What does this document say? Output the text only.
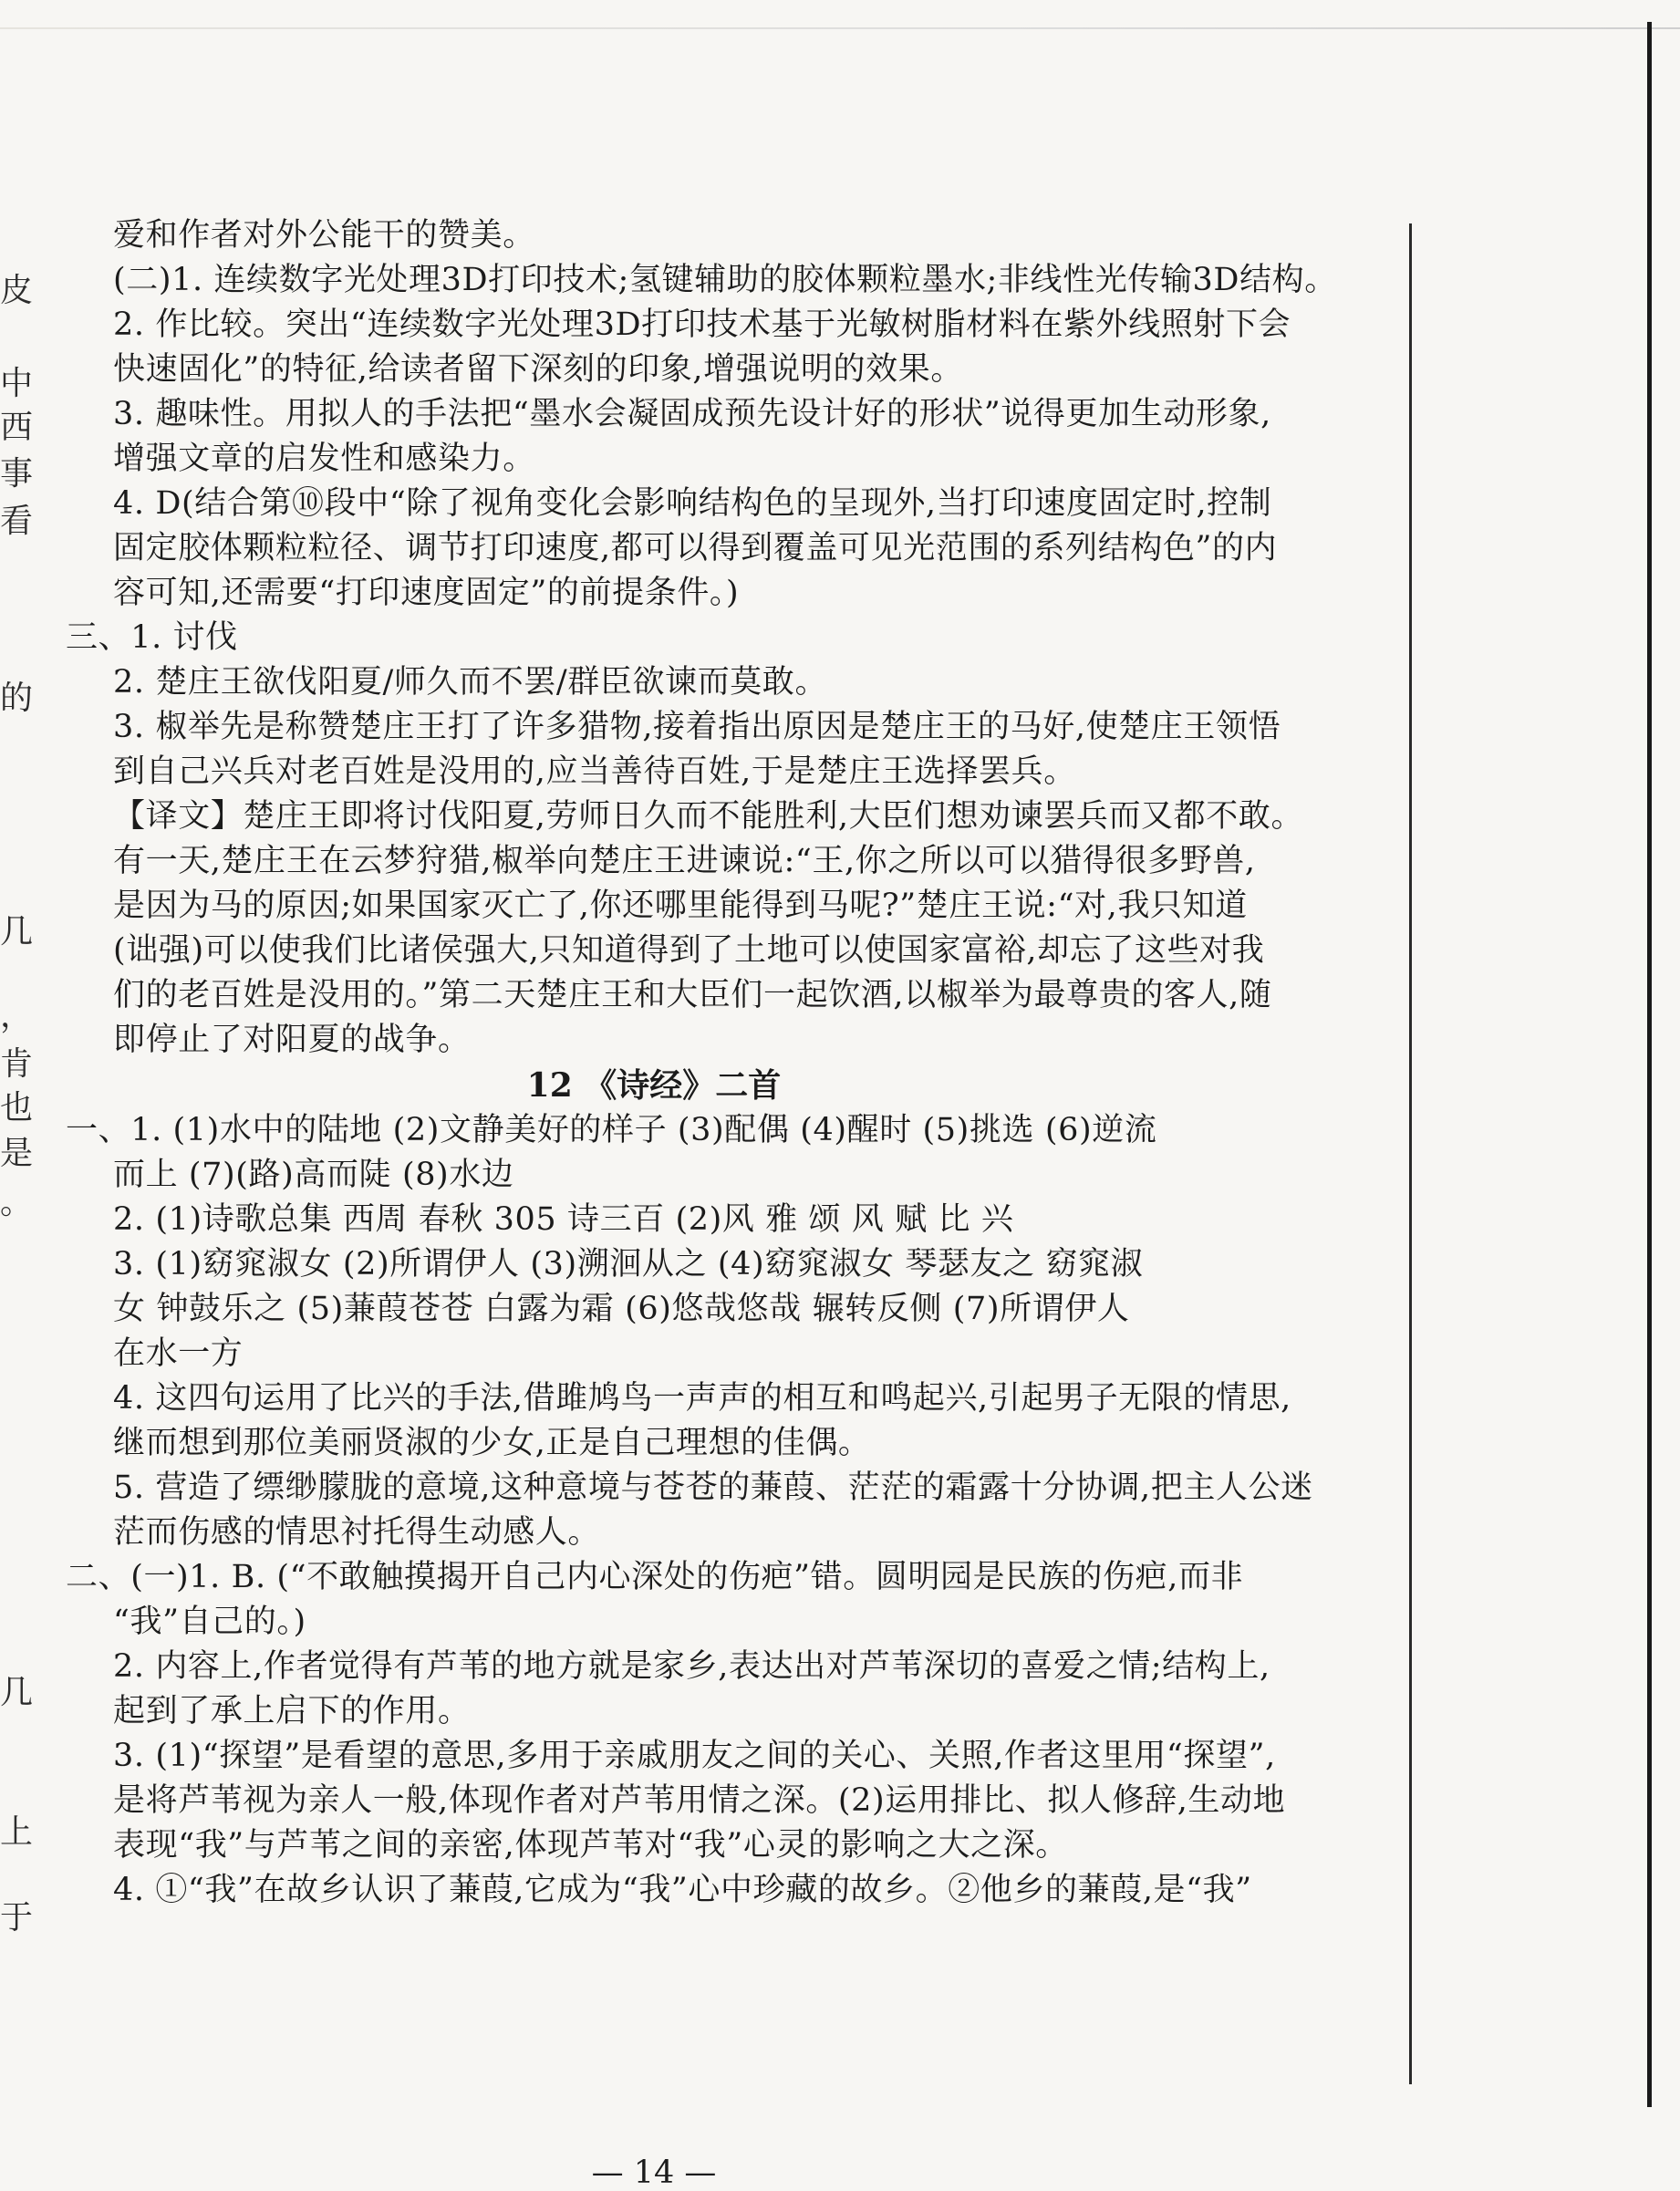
皮
中
西
事
看
的
几
，
肯
也
是
。
几
上
于
爱和作者对外公能干的赞美。
(二)1. 连续数字光处理3D打印技术;氢键辅助的胶体颗粒墨水;非线性光传输3D结构。
2. 作比较。突出“连续数字光处理3D打印技术基于光敏树脂材料在紫外线照射下会
快速固化”的特征,给读者留下深刻的印象,增强说明的效果。
3. 趣味性。用拟人的手法把“墨水会凝固成预先设计好的形状”说得更加生动形象,
增强文章的启发性和感染力。
4. D(结合第⑩段中“除了视角变化会影响结构色的呈现外,当打印速度固定时,控制
固定胶体颗粒粒径、调节打印速度,都可以得到覆盖可见光范围的系列结构色”的内
容可知,还需要“打印速度固定”的前提条件。)
三、1. 讨伐
2. 楚庄王欲伐阳夏/师久而不罢/群臣欲谏而莫敢。
3. 椒举先是称赞楚庄王打了许多猎物,接着指出原因是楚庄王的马好,使楚庄王领悟
到自己兴兵对老百姓是没用的,应当善待百姓,于是楚庄王选择罢兵。
【译文】楚庄王即将讨伐阳夏,劳师日久而不能胜利,大臣们想劝谏罢兵而又都不敢。
有一天,楚庄王在云梦狩猎,椒举向楚庄王进谏说:“王,你之所以可以猎得很多野兽,
是因为马的原因;如果国家灭亡了,你还哪里能得到马呢?”楚庄王说:“对,我只知道
(诎强)可以使我们比诸侯强大,只知道得到了土地可以使国家富裕,却忘了这些对我
们的老百姓是没用的。”第二天楚庄王和大臣们一起饮酒,以椒举为最尊贵的客人,随
即停止了对阳夏的战争。
12 《诗经》二首
一、1. (1)水中的陆地 (2)文静美好的样子 (3)配偶 (4)醒时 (5)挑选 (6)逆流
而上 (7)(路)高而陡 (8)水边
2. (1)诗歌总集 西周 春秋 305 诗三百 (2)风 雅 颂 风 赋 比 兴
3. (1)窈窕淑女 (2)所谓伊人 (3)溯洄从之 (4)窈窕淑女 琴瑟友之 窈窕淑
女 钟鼓乐之 (5)蒹葭苍苍 白露为霜 (6)悠哉悠哉 辗转反侧 (7)所谓伊人
在水一方
4. 这四句运用了比兴的手法,借雎鸠鸟一声声的相互和鸣起兴,引起男子无限的情思,
继而想到那位美丽贤淑的少女,正是自己理想的佳偶。
5. 营造了缥缈朦胧的意境,这种意境与苍苍的蒹葭、茫茫的霜露十分协调,把主人公迷
茫而伤感的情思衬托得生动感人。
二、(一)1. B. (“不敢触摸揭开自己内心深处的伤疤”错。圆明园是民族的伤疤,而非
“我”自己的。)
2. 内容上,作者觉得有芦苇的地方就是家乡,表达出对芦苇深切的喜爱之情;结构上,
起到了承上启下的作用。
3. (1)“探望”是看望的意思,多用于亲戚朋友之间的关心、关照,作者这里用“探望”,
是将芦苇视为亲人一般,体现作者对芦苇用情之深。(2)运用排比、拟人修辞,生动地
表现“我”与芦苇之间的亲密,体现芦苇对“我”心灵的影响之大之深。
4. ①“我”在故乡认识了蒹葭,它成为“我”心中珍藏的故乡。②他乡的蒹葭,是“我”
— 14 —
